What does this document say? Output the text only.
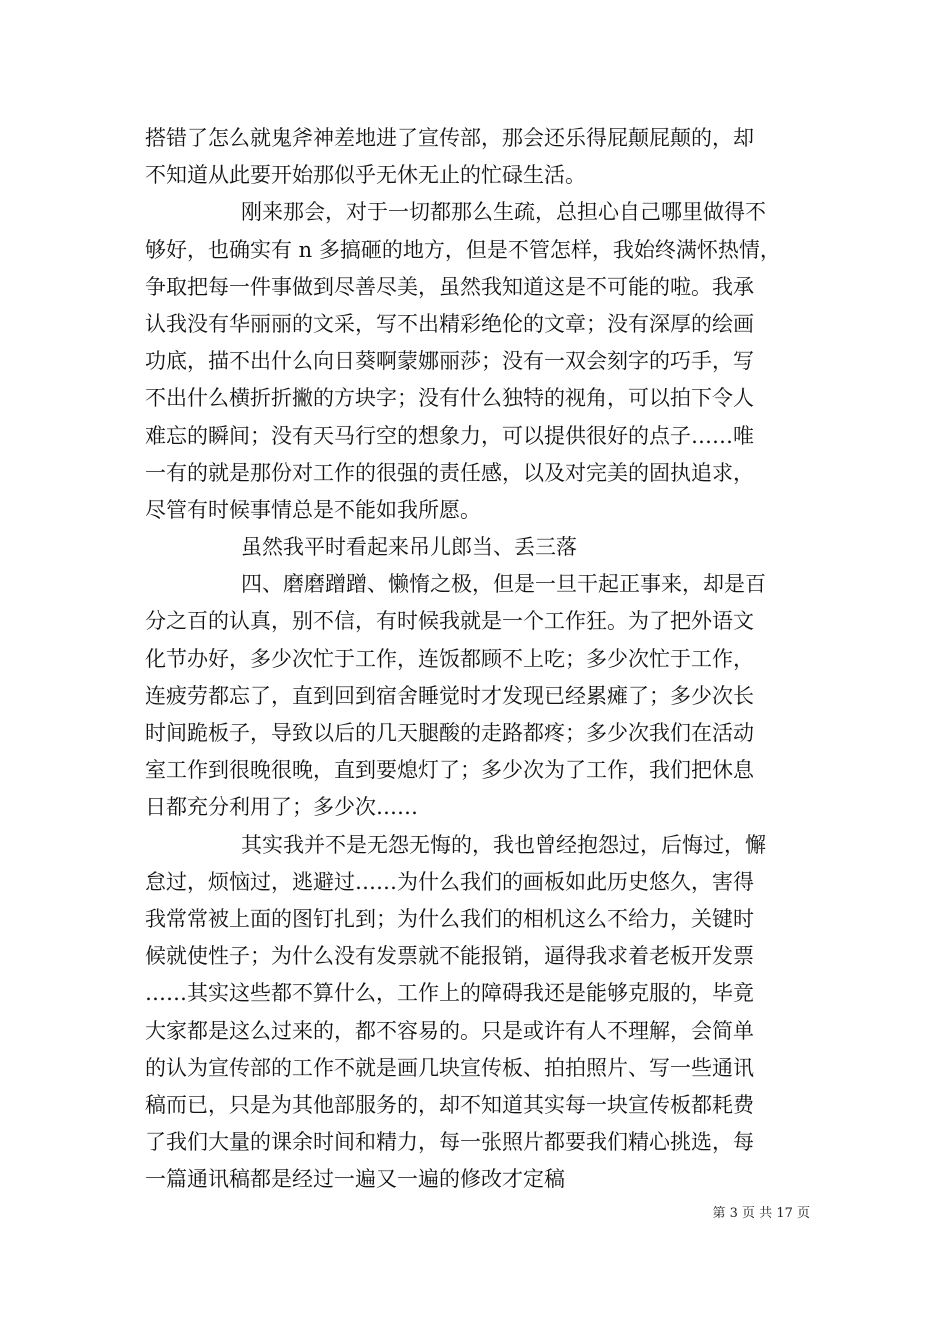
搭错了怎么就鬼斧神差地进了宣传部，那会还乐得屁颠屁颠的，却
不知道从此要开始那似乎无休无止的忙碌生活。
刚来那会，对于一切都那么生疏，总担心自己哪里做得不
够好，也确实有 n 多搞砸的地方，但是不管怎样，我始终满怀热情，
争取把每一件事做到尽善尽美，虽然我知道这是不可能的啦。我承
认我没有华丽丽的文采，写不出精彩绝伦的文章；没有深厚的绘画
功底，描不出什么向日葵啊蒙娜丽莎；没有一双会刻字的巧手，写
不出什么横折折撇的方块字；没有什么独特的视角，可以拍下令人
难忘的瞬间；没有天马行空的想象力，可以提供很好的点子……唯
一有的就是那份对工作的很强的责任感，以及对完美的固执追求，
尽管有时候事情总是不能如我所愿。
虽然我平时看起来吊儿郎当、丢三落
四、磨磨蹭蹭、懒惰之极，但是一旦干起正事来，却是百
分之百的认真，别不信，有时候我就是一个工作狂。为了把外语文
化节办好，多少次忙于工作，连饭都顾不上吃；多少次忙于工作，
连疲劳都忘了，直到回到宿舍睡觉时才发现已经累瘫了；多少次长
时间跪板子，导致以后的几天腿酸的走路都疼；多少次我们在活动
室工作到很晚很晚，直到要熄灯了；多少次为了工作，我们把休息
日都充分利用了；多少次……
其实我并不是无怨无悔的，我也曾经抱怨过，后悔过，懈
怠过，烦恼过，逃避过……为什么我们的画板如此历史悠久，害得
我常常被上面的图钉扎到；为什么我们的相机这么不给力，关键时
候就使性子；为什么没有发票就不能报销，逼得我求着老板开发票
……其实这些都不算什么，工作上的障碍我还是能够克服的，毕竟
大家都是这么过来的，都不容易的。只是或许有人不理解，会简单
的认为宣传部的工作不就是画几块宣传板、拍拍照片、写一些通讯
稿而已，只是为其他部服务的，却不知道其实每一块宣传板都耗费
了我们大量的课余时间和精力，每一张照片都要我们精心挑选，每
一篇通讯稿都是经过一遍又一遍的修改才定稿
第 3 页 共 17 页
